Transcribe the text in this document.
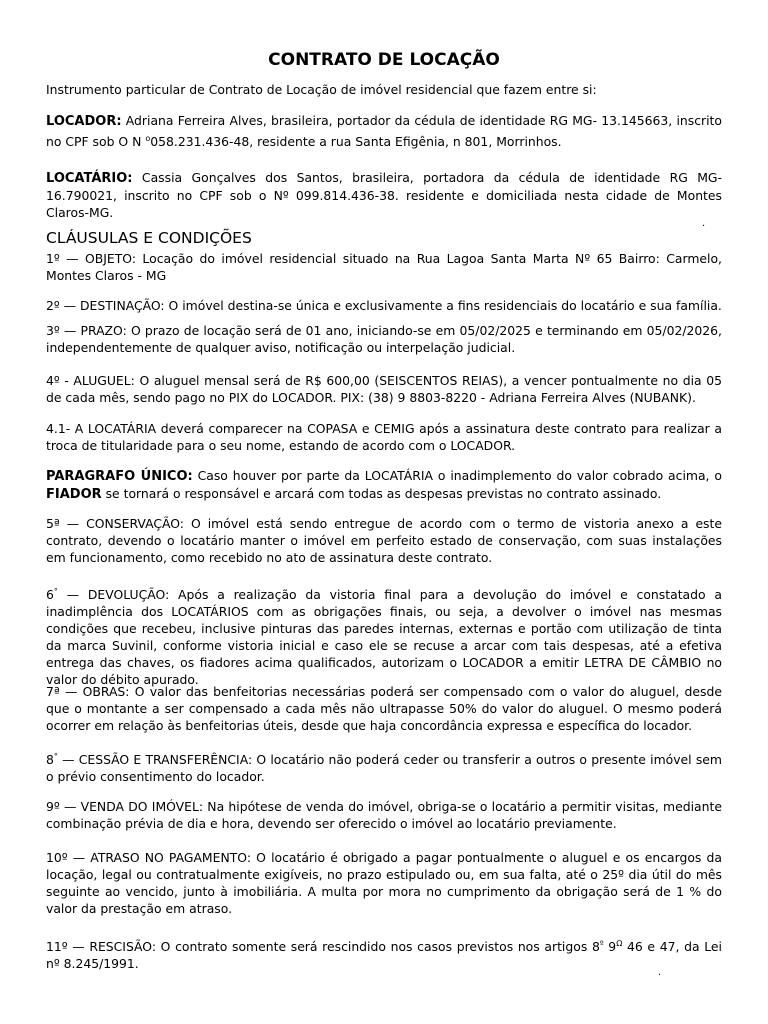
CONTRATO DE LOCAÇÃO
Instrumento particular de Contrato de Locação de imóvel residencial que fazem entre si:
LOCADOR: Adriana Ferreira Alves, brasileira, portador da cédula de identidade RG MG- 13.145663, inscrito no CPF sob O N $^o$058.231.436-48, residente a rua Santa Efigênia, n 801, Morrinhos.
LOCATÁRIO: Cassia Gonçalves dos Santos, brasileira, portadora da cédula de identidade RG MG-16.790021, inscrito no CPF sob o Nº 099.814.436-38. residente e domiciliada nesta cidade de Montes Claros-MG.
·
CLÁUSULAS E CONDIÇÕES
1º — OBJETO: Locação do imóvel residencial situado na Rua Lagoa Santa Marta Nº 65 Bairro: Carmelo, Montes Claros - MG
2º — DESTINAÇÃO: O imóvel destina-se única e exclusivamente a fins residenciais do locatário e sua família.
3º — PRAZO: O prazo de locação será de 01 ano, iniciando-se em 05/02/2025 e terminando em 05/02/2026, independentemente de qualquer aviso, notificação ou interpelação judicial.
4º - ALUGUEL: O aluguel mensal será de R$ 600,00 (SEISCENTOS REIAS), a vencer pontualmente no dia 05 de cada mês, sendo pago no PIX do LOCADOR. PIX: (38) 9 8803-8220 - Adriana Ferreira Alves (NUBANK).
4.1- A LOCATÁRIA deverá comparecer na COPASA e CEMIG após a assinatura deste contrato para realizar a troca de titularidade para o seu nome, estando de acordo com o LOCADOR.
PARAGRAFO ÚNICO: Caso houver por parte da LOCATÁRIA o inadimplemento do valor cobrado acima, o FIADOR se tornará o responsável e arcará com todas as despesas previstas no contrato assinado.
5ª — CONSERVAÇÃO: O imóvel está sendo entregue de acordo com o termo de vistoria anexo a este contrato, devendo o locatário manter o imóvel em perfeito estado de conservação, com suas instalações em funcionamento, como recebido no ato de assinatura deste contrato.
6° — DEVOLUÇÃO: Após a realização da vistoria final para a devolução do imóvel e constatado a inadimplência dos LOCATÁRIOS com as obrigações finais, ou seja, a devolver o imóvel nas mesmas condições que recebeu, inclusive pinturas das paredes internas, externas e portão com utilização de tinta da marca Suvinil, conforme vistoria inicial e caso ele se recuse a arcar com tais despesas, até a efetiva entrega das chaves, os fiadores acima qualificados, autorizam o LOCADOR a emitir LETRA DE CÂMBIO no valor do débito apurado.
7ª — OBRAS: O valor das benfeitorias necessárias poderá ser compensado com o valor do aluguel, desde que o montante a ser compensado a cada mês não ultrapasse 50% do valor do aluguel. O mesmo poderá ocorrer em relação às benfeitorias úteis, desde que haja concordância expressa e específica do locador.
8° — CESSÃO E TRANSFERÊNCIA: O locatário não poderá ceder ou transferir a outros o presente imóvel sem o prévio consentimento do locador.
9º — VENDA DO IMÓVEL: Na hipótese de venda do imóvel, obriga-se o locatário a permitir visitas, mediante combinação prévia de dia e hora, devendo ser oferecido o imóvel ao locatário previamente.
10º — ATRASO NO PAGAMENTO: O locatário é obrigado a pagar pontualmente o aluguel e os encargos da locação, legal ou contratualmente exigíveis, no prazo estipulado ou, em sua falta, até o 25º dia útil do mês seguinte ao vencido, junto à imobiliária. A multa por mora no cumprimento da obrigação será de 1 % do valor da prestação em atraso.
11º — RESCISÃO: O contrato somente será rescindido nos casos previstos nos artigos $8^º$ $9^\Omega$ 46 e 47, da Lei nº 8.245/1991.
·
